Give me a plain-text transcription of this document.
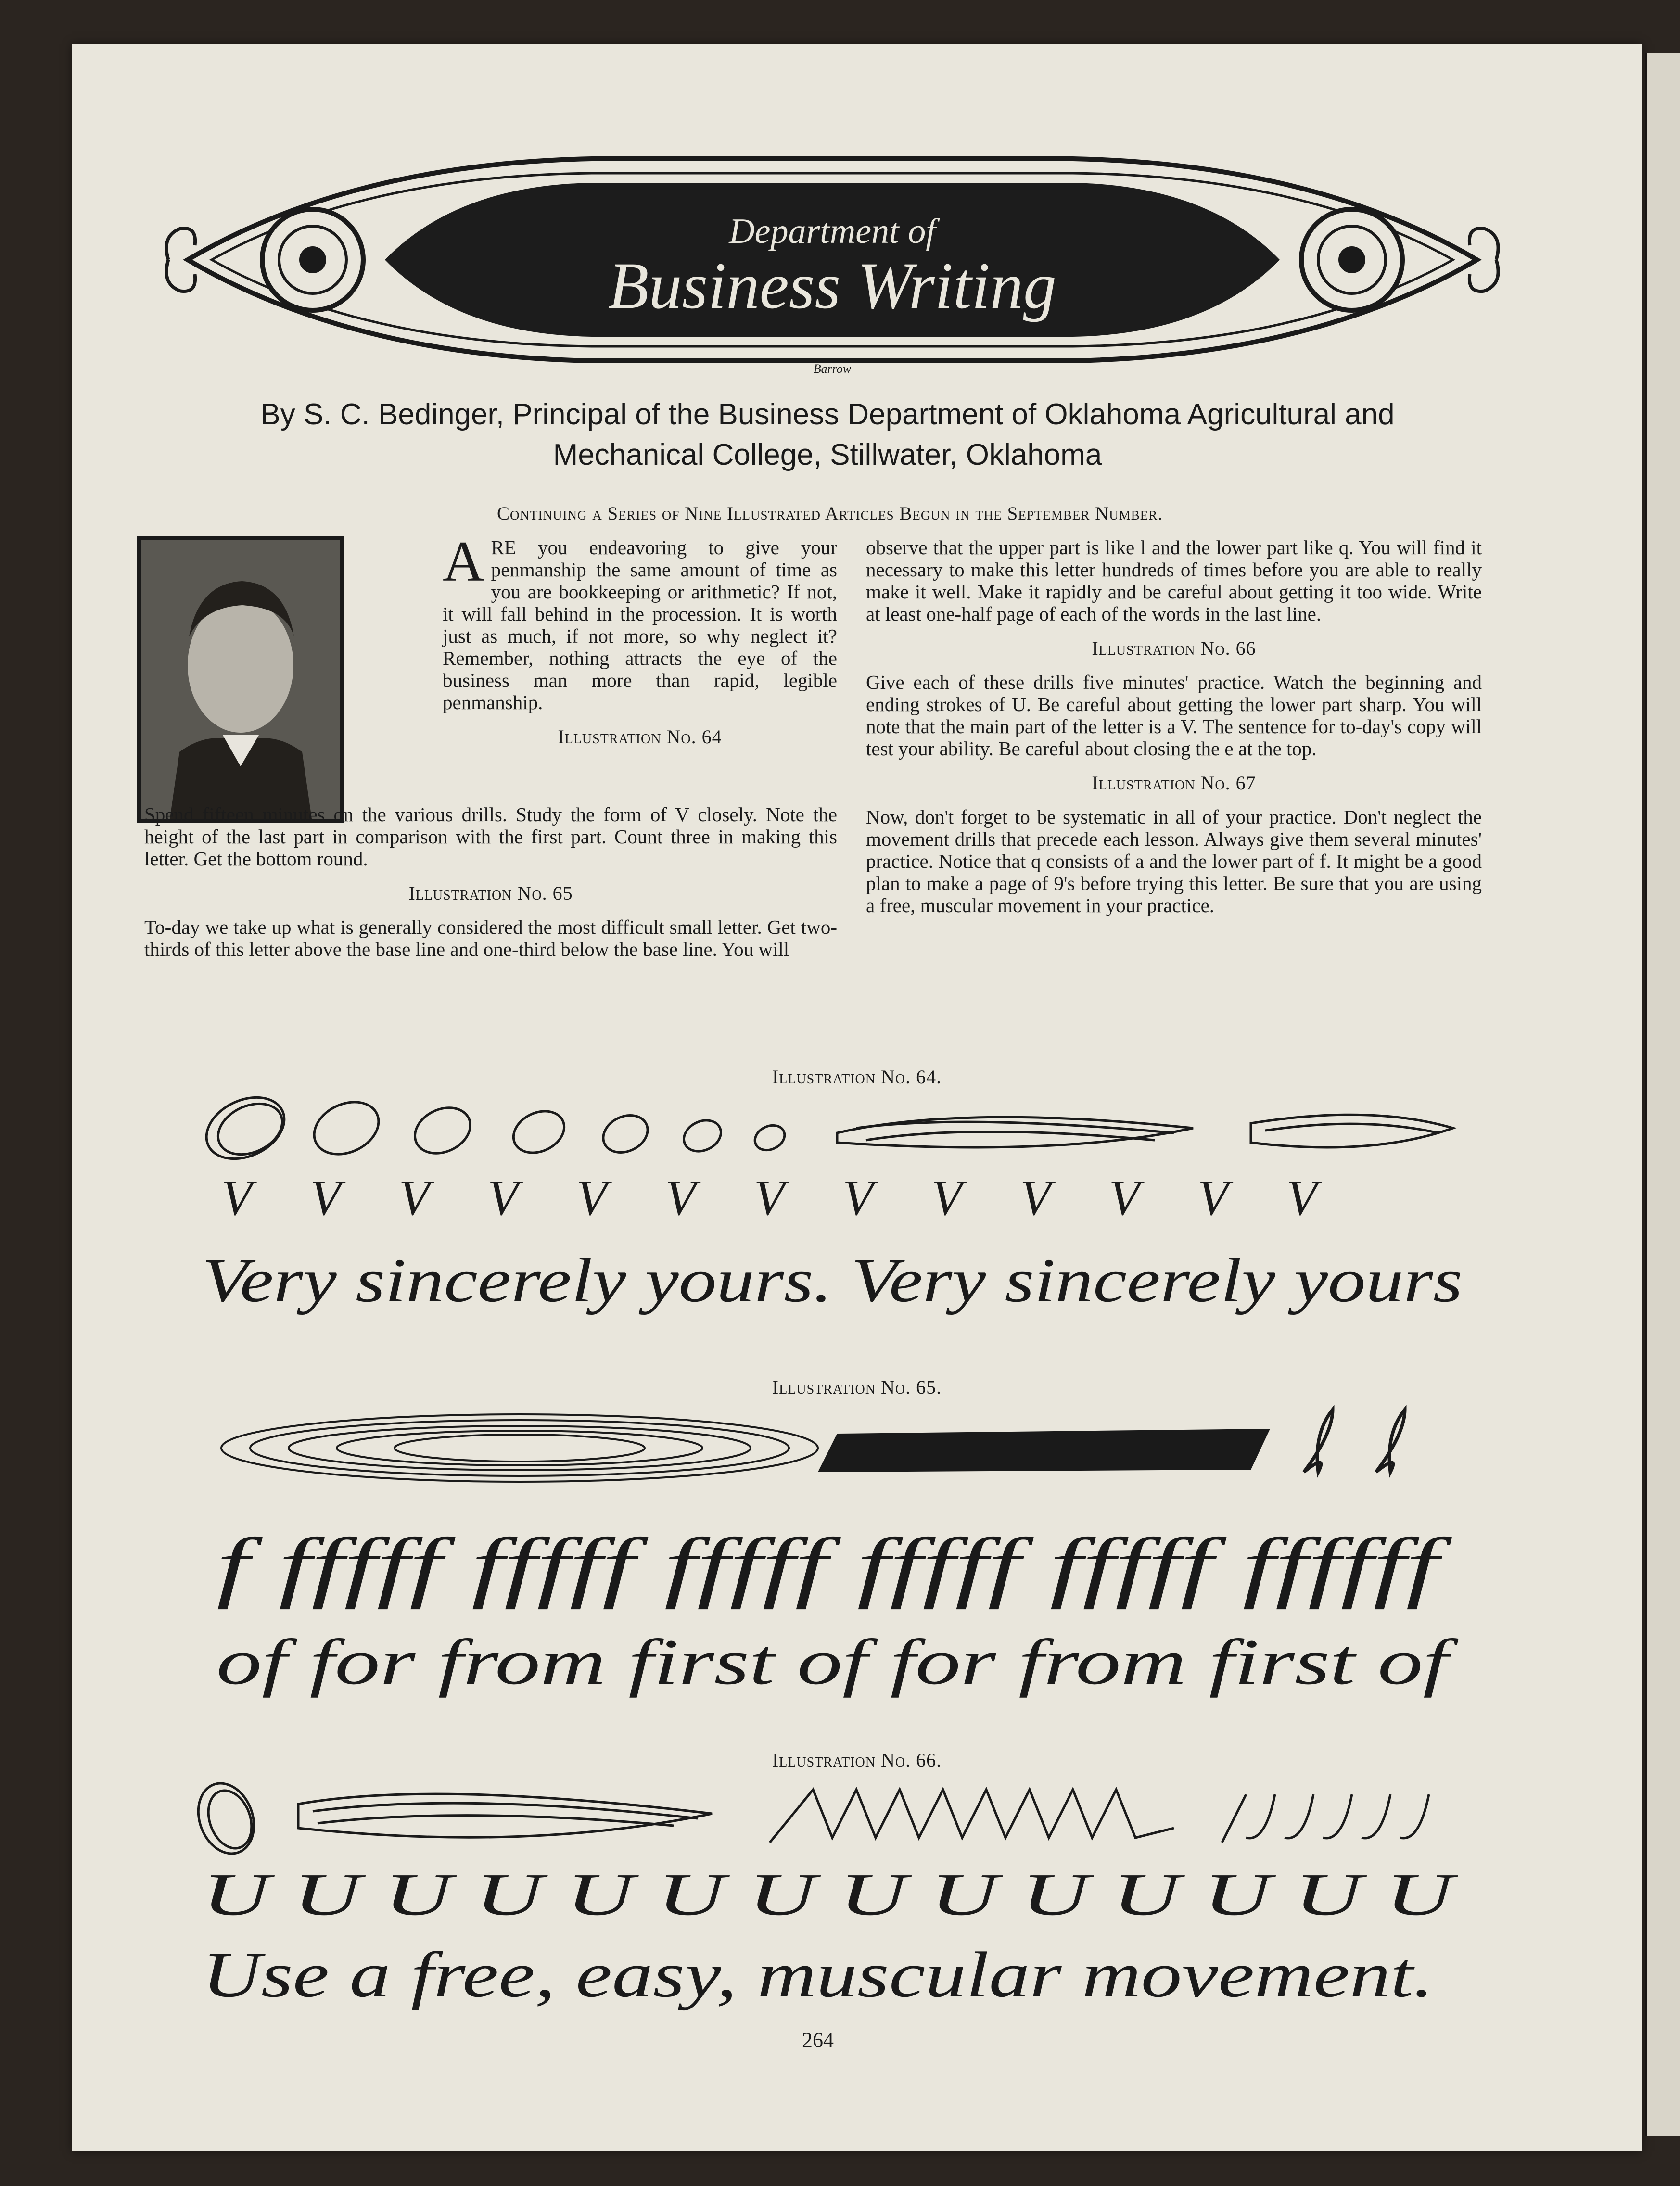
Department of
Business Writing
Barrow
By S. C. Bedinger, Principal of the Business Department of Oklahoma Agricultural and
Mechanical College, Stillwater, Oklahoma
Continuing a Series of Nine Illustrated Articles Begun in the September Number.

ARE you endeavoring to give your penmanship the same amount of time as you are bookkeeping or arithmetic? If not, it will fall behind in the procession. It is worth just as much, if not more, so why neglect it? Remember, nothing attracts the eye of the business man more than rapid, legible penmanship.

Illustration No. 64

Spend fifteen minutes on the various drills. Study the form of V closely. Note the height of the last part in comparison with the first part. Count three in making this letter. Get the bottom round.

Illustration No. 65

To-day we take up what is generally considered the most difficult small letter. Get two-thirds of this letter above the base line and one-third below the base line. You will

observe that the upper part is like l and the lower part like q. You will find it necessary to make this letter hundreds of times before you are able to really make it well. Make it rapidly and be careful about getting it too wide. Write at least one-half page of each of the words in the last line.

Illustration No. 66

Give each of these drills five minutes' practice. Watch the beginning and ending strokes of U. Be careful about getting the lower part sharp. You will note that the main part of the letter is a V. The sentence for to-day's copy will test your ability. Be careful about closing the e at the top.

Illustration No. 67

Now, don't forget to be systematic in all of your practice. Don't neglect the movement drills that precede each lesson. Always give them several minutes' practice. Notice that q consists of a and the lower part of f. It might be a good plan to make a page of 9's before trying this letter. Be sure that you are using a free, muscular movement in your practice.

Illustration No. 64.
V V V V V V V V V V V V V
Very sincerely yours. Very sincerely yours
Illustration No. 65.
f fffff fffff fffff fffff fffff ffffff
of for from first of for from first of
Illustration No. 66.
U U U U U U U U U U U U U U
Use a free, easy, muscular movement.
264
